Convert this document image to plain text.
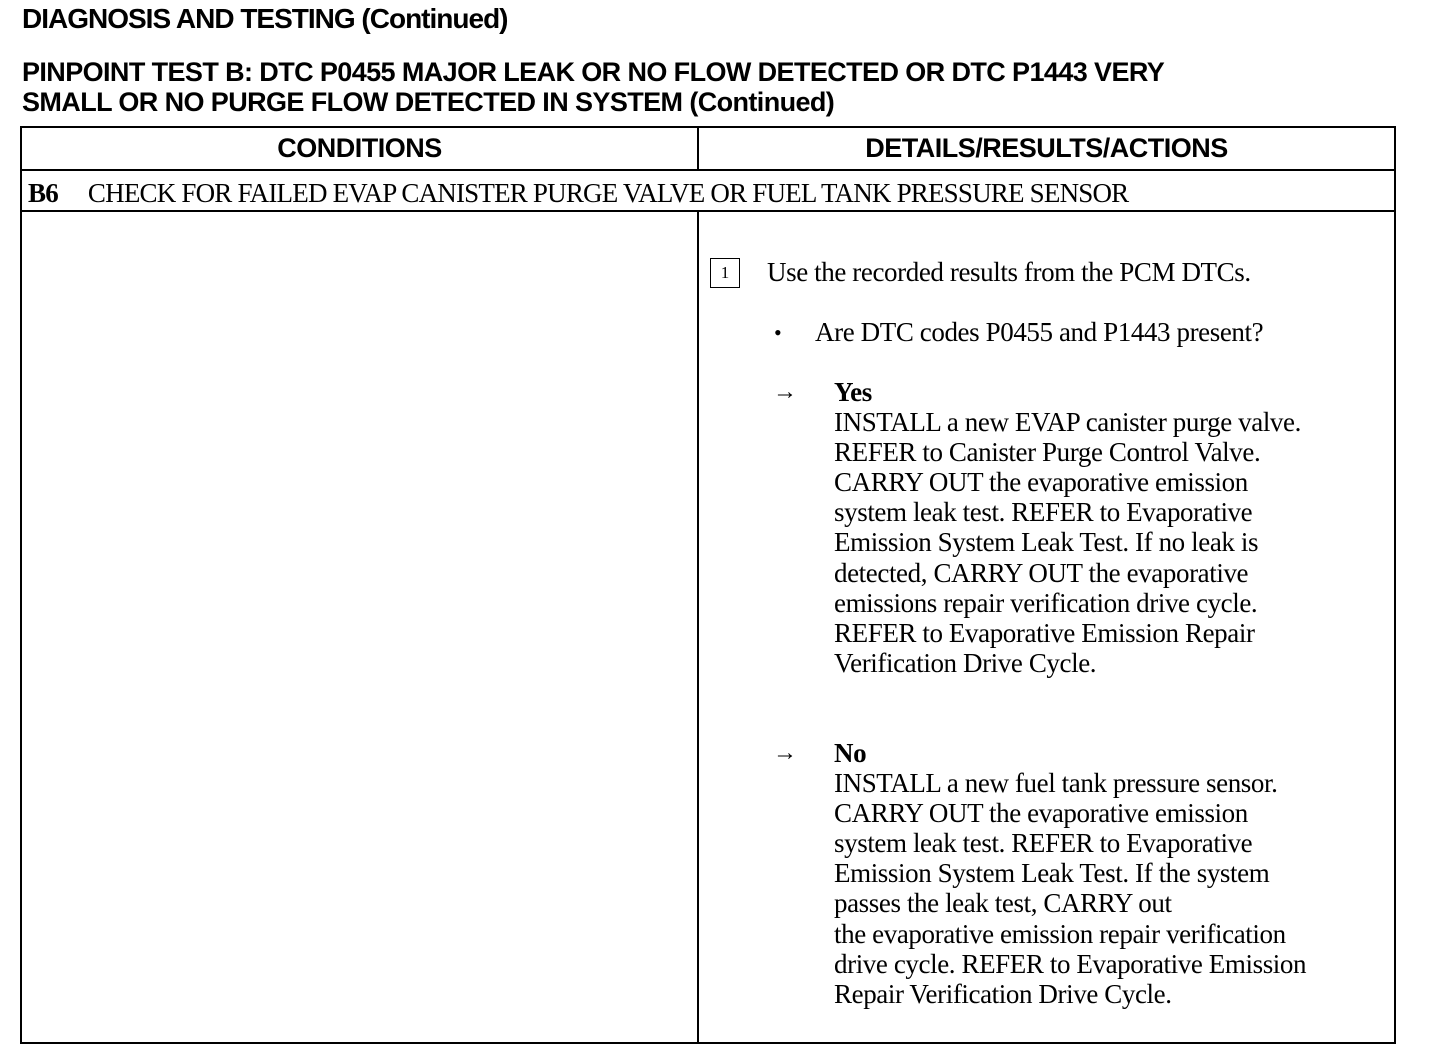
DIAGNOSIS AND TESTING (Continued)
PINPOINT TEST B: DTC P0455 MAJOR LEAK OR NO FLOW DETECTED OR DTC P1443 VERY
SMALL OR NO PURGE FLOW DETECTED IN SYSTEM (Continued)
CONDITIONS	DETAILS/RESULTS/ACTIONS
B6 CHECK FOR FAILED EVAP CANISTER PURGE VALVE OR FUEL TANK PRESSURE SENSOR
1	Use the recorded results from the PCM DTCs.
• Are DTC codes P0455 and P1443 present?
→ Yes
INSTALL a new EVAP canister purge valve.
REFER to Canister Purge Control Valve.
CARRY OUT the evaporative emission
system leak test. REFER to Evaporative
Emission System Leak Test. If no leak is
detected, CARRY OUT the evaporative
emissions repair verification drive cycle.
REFER to Evaporative Emission Repair
Verification Drive Cycle.
→ No
INSTALL a new fuel tank pressure sensor.
CARRY OUT the evaporative emission
system leak test. REFER to Evaporative
Emission System Leak Test. If the system
passes the leak test, CARRY out
the evaporative emission repair verification
drive cycle. REFER to Evaporative Emission
Repair Verification Drive Cycle.
